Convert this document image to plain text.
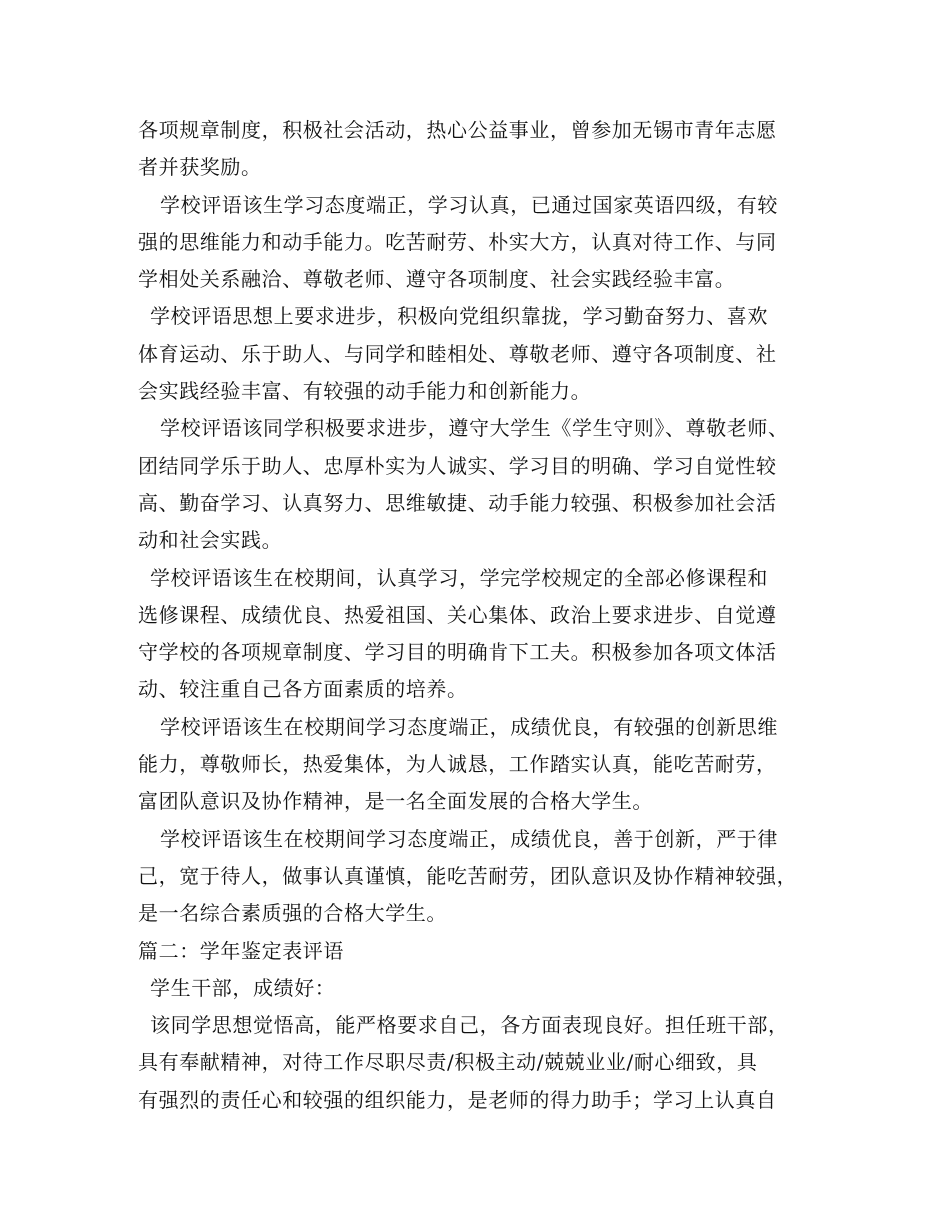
各项规章制度，积极社会活动，热心公益事业，曾参加无锡市青年志愿
者并获奖励。
学校评语该生学习态度端正，学习认真，已通过国家英语四级，有较
强的思维能力和动手能力。吃苦耐劳、朴实大方，认真对待工作、与同
学相处关系融洽、尊敬老师、遵守各项制度、社会实践经验丰富。
学校评语思想上要求进步，积极向党组织靠拢，学习勤奋努力、喜欢
体育运动、乐于助人、与同学和睦相处、尊敬老师、遵守各项制度、社
会实践经验丰富、有较强的动手能力和创新能力。
学校评语该同学积极要求进步，遵守大学生《学生守则》、尊敬老师、
团结同学乐于助人、忠厚朴实为人诚实、学习目的明确、学习自觉性较
高、勤奋学习、认真努力、思维敏捷、动手能力较强、积极参加社会活
动和社会实践。
学校评语该生在校期间，认真学习，学完学校规定的全部必修课程和
选修课程、成绩优良、热爱祖国、关心集体、政治上要求进步、自觉遵
守学校的各项规章制度、学习目的明确肯下工夫。积极参加各项文体活
动、较注重自己各方面素质的培养。
学校评语该生在校期间学习态度端正，成绩优良，有较强的创新思维
能力，尊敬师长，热爱集体，为人诚恳，工作踏实认真，能吃苦耐劳，
富团队意识及协作精神，是一名全面发展的合格大学生。
学校评语该生在校期间学习态度端正，成绩优良，善于创新，严于律
己，宽于待人，做事认真谨慎，能吃苦耐劳，团队意识及协作精神较强，
是一名综合素质强的合格大学生。
篇二：学年鉴定表评语
学生干部，成绩好：
该同学思想觉悟高，能严格要求自己，各方面表现良好。担任班干部，
具有奉献精神，对待工作尽职尽责/积极主动/兢兢业业/耐心细致，具
有强烈的责任心和较强的组织能力，是老师的得力助手；学习上认真自
